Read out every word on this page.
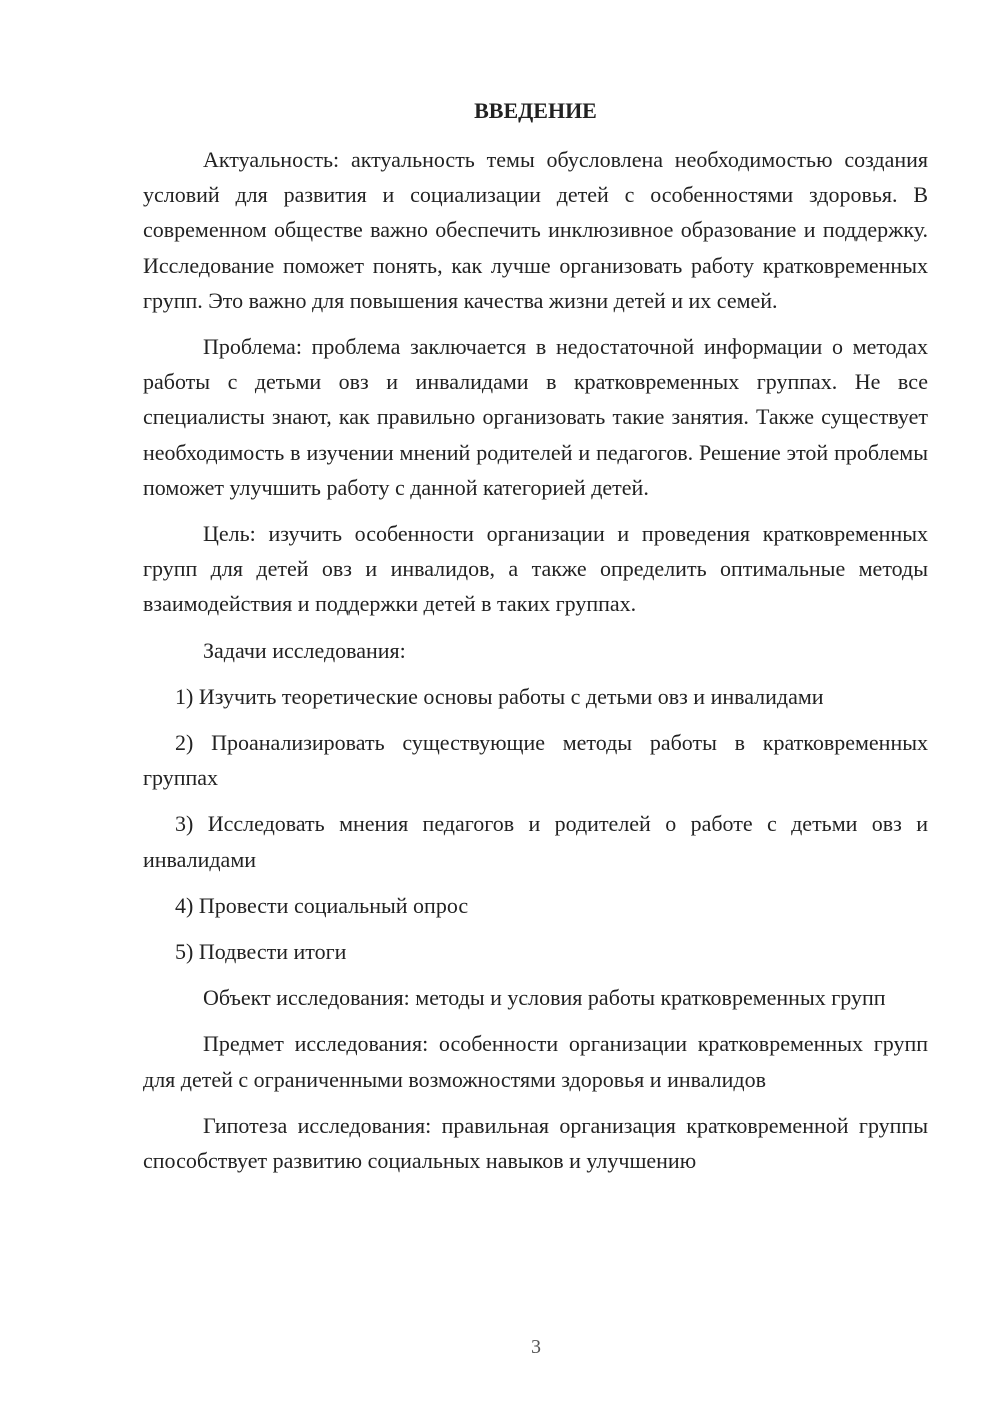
ВВЕДЕНИЕ

Актуальность: актуальность темы обусловлена необходимостью создания условий для развития и социализации детей с особенностями здоровья. В современном обществе важно обеспечить инклюзивное образование и поддержку. Исследование поможет понять, как лучше организовать работу кратковременных групп. Это важно для повышения качества жизни детей и их семей.

Проблема: проблема заключается в недостаточной информации о методах работы с детьми овз и инвалидами в кратковременных группах. Не все специалисты знают, как правильно организовать такие занятия. Также существует необходимость в изучении мнений родителей и педагогов. Решение этой проблемы поможет улучшить работу с данной категорией детей.

Цель: изучить особенности организации и проведения кратковременных групп для детей овз и инвалидов, а также определить оптимальные методы взаимодействия и поддержки детей в таких группах.

Задачи исследования:

1) Изучить теоретические основы работы с детьми овз и инвалидами

2) Проанализировать существующие методы работы в кратковременных группах

3) Исследовать мнения педагогов и родителей о работе с детьми овз и инвалидами

4) Провести социальный опрос

5) Подвести итоги

Объект исследования: методы и условия работы кратковременных групп

Предмет исследования: особенности организации кратковременных групп для детей с ограниченными возможностями здоровья и инвалидов

Гипотеза исследования: правильная организация кратковременной группы способствует развитию социальных навыков и улучшению

3
